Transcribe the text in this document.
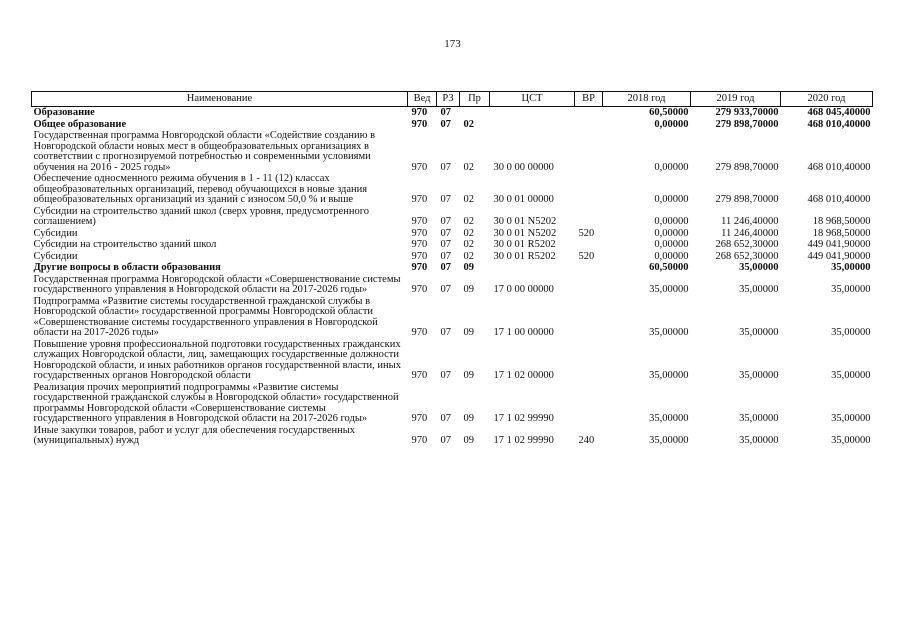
173
Наименование	Вед	РЗ	Пр	ЦСТ	ВР	2018 год	2019 год	2020 год
Образование	970	07				60,50000	279 933,70000	468 045,40000
Общее образование	970	07	02			0,00000	279 898,70000	468 010,40000
Государственная программа Новгородской области «Содействие созданию в Новгородской области новых мест в общеобразовательных организациях в соответствии с прогнозируемой потребностью и современными условиями обучения на 2016 - 2025 годы»	970	07	02	30 0 00 00000		0,00000	279 898,70000	468 010,40000
Обеспечение односменного режима обучения в 1 - 11 (12) классах общеобразовательных организаций, перевод обучающихся в новые здания общеобразовательных организаций из зданий с износом 50,0 % и выше	970	07	02	30 0 01 00000		0,00000	279 898,70000	468 010,40000
Субсидии на строительство зданий школ (сверх уровня, предусмотренного соглашением)	970	07	02	30 0 01 N5202		0,00000	11 246,40000	18 968,50000
Субсидии	970	07	02	30 0 01 N5202	520	0,00000	11 246,40000	18 968,50000
Субсидии на строительство зданий школ	970	07	02	30 0 01 R5202		0,00000	268 652,30000	449 041,90000
Субсидии	970	07	02	30 0 01 R5202	520	0,00000	268 652,30000	449 041,90000
Другие вопросы в области образования	970	07	09			60,50000	35,00000	35,00000
Государственная программа Новгородской области «Совершенствование системы государственного управления в Новгородской области на 2017-2026 годы»	970	07	09	17 0 00 00000		35,00000	35,00000	35,00000
Подпрограмма «Развитие системы государственной гражданской службы в Новгородской области» государственной программы Новгородской области «Совершенствование системы государственного управления в Новгородской области на 2017-2026 годы»	970	07	09	17 1 00 00000		35,00000	35,00000	35,00000
Повышение уровня профессиональной подготовки государственных гражданских служащих Новгородской области, лиц, замещающих государственные должности Новгородской области, и иных работников органов государственной власти, иных государственных органов Новгородской области	970	07	09	17 1 02 00000		35,00000	35,00000	35,00000
Реализация прочих мероприятий подпрограммы «Развитие системы государственной гражданской службы в Новгородской области» государственной программы Новгородской области «Совершенствование системы государственного управления в Новгородской области на 2017-2026 годы»	970	07	09	17 1 02 99990		35,00000	35,00000	35,00000
Иные закупки товаров, работ и услуг для обеспечения государственных (муниципальных) нужд	970	07	09	17 1 02 99990	240	35,00000	35,00000	35,00000
